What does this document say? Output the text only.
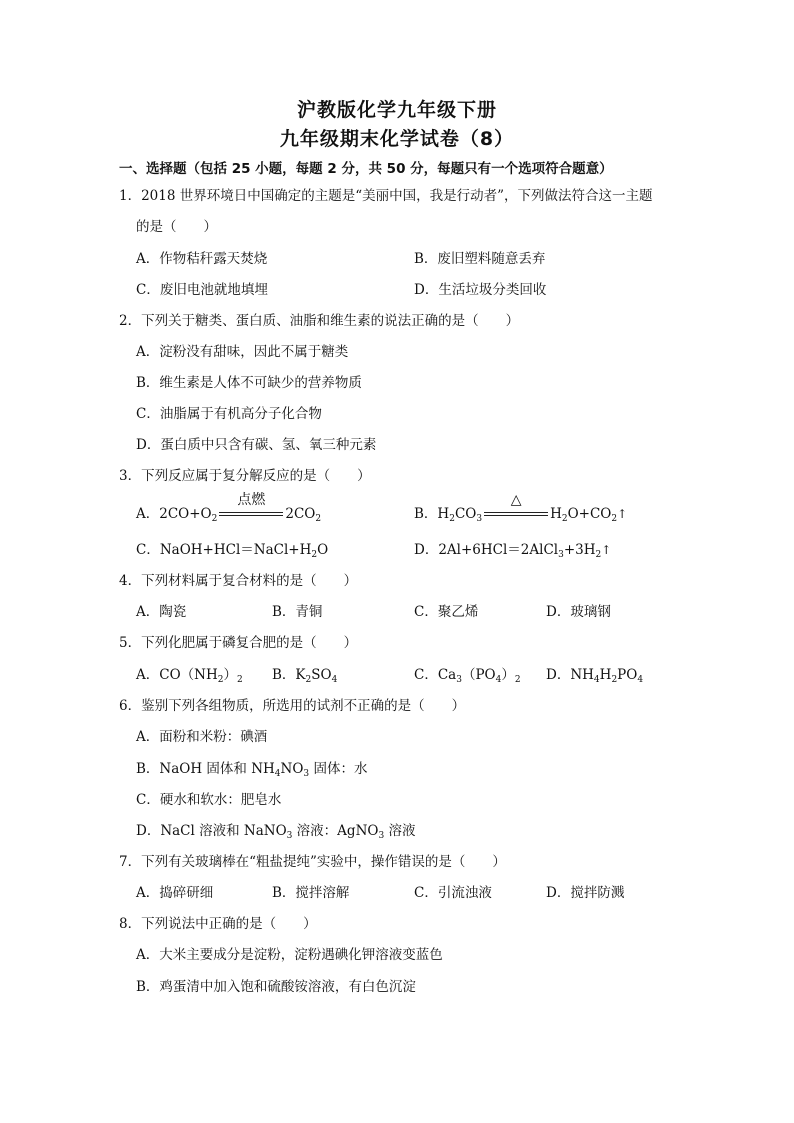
沪教版化学九年级下册
九年级期末化学试卷（8）
一、选择题（包括 25 小题，每题 2 分，共 50 分，每题只有一个选项符合题意）
1．2018 世界环境日中国确定的主题是“美丽中国，我是行动者”，下列做法符合这一主题
的是（　　）
A．作物秸秆露天焚烧	B．废旧塑料随意丢弃
C．废旧电池就地填埋	D．生活垃圾分类回收
2．下列关于糖类、蛋白质、油脂和维生素的说法正确的是（　　）
A．淀粉没有甜味，因此不属于糖类
B．维生素是人体不可缺少的营养物质
C．油脂属于有机高分子化合物
D．蛋白质中只含有碳、氢、氧三种元素
3．下列反应属于复分解反应的是（　　）
A．$2CO+O_2$
点燃
$2CO_2$	B．$H_2CO_3$
△
$H_2O+CO_2↑$
C．$NaOH+HCl=NaCl+H_2O$	D．$2Al+6HCl=2AlCl_3+3H_2↑$
4．下列材料属于复合材料的是（　　）
A．陶瓷	B．青铜	C．聚乙烯	D．玻璃钢
5．下列化肥属于磷复合肥的是（　　）
A．$CO(NH_2)_2$ B．$K_2SO_4$	C．$Ca_3(PO_4)_2$ D．$NH_4H_2PO_4$
6．鉴别下列各组物质，所选用的试剂不正确的是（　　）
A．面粉和米粉：碘酒
B．NaOH 固体和 $NH_4NO_3$ 固体：水
C．硬水和软水：肥皂水
D．NaCl 溶液和 NaNO$_3$ 溶液：AgNO$_3$ 溶液
7．下列有关玻璃棒在“粗盐提纯”实验中，操作错误的是（　　）
A．捣碎研细	B．搅拌溶解	C．引流浊液	D．搅拌防溅
8．下列说法中正确的是（　　）
A．大米主要成分是淀粉，淀粉遇碘化钾溶液变蓝色
B．鸡蛋清中加入饱和硫酸铵溶液，有白色沉淀
